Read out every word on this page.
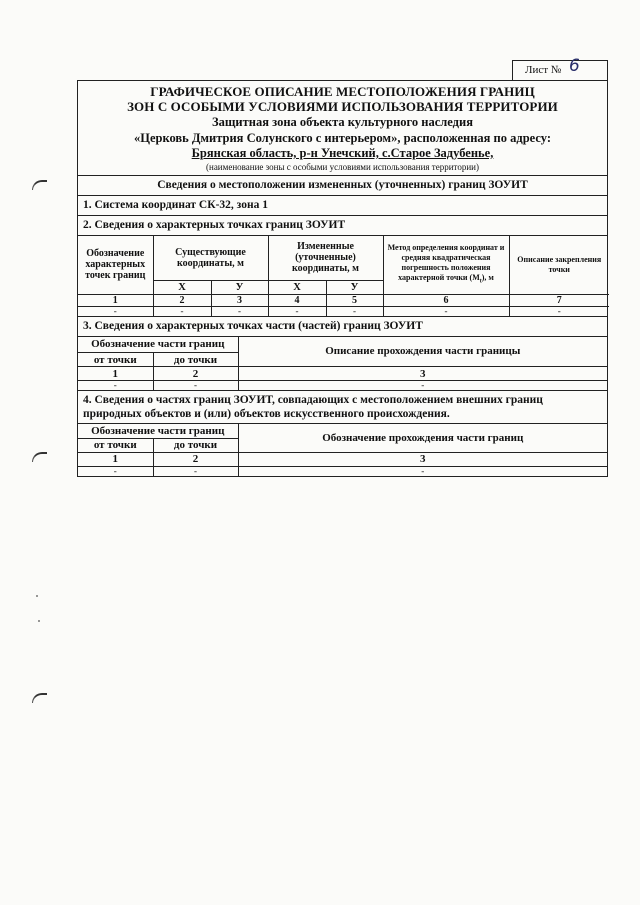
Лист № 6
ГРАФИЧЕСКОЕ ОПИСАНИЕ МЕСТОПОЛОЖЕНИЯ ГРАНИЦ
ЗОН С ОСОБЫМИ УСЛОВИЯМИ ИСПОЛЬЗОВАНИЯ ТЕРРИТОРИИ
Защитная зона объекта культурного наследия
«Церковь Дмитрия Солунского с интерьером», расположенная по адресу:
Брянская область, р-н Унечский, с.Старое Задубенье,
(наименование зоны с особыми условиями использования территории)
Сведения о местоположении измененных (уточненных) границ ЗОУИТ
1. Система координат СК-32, зона 1
2. Сведения о характерных точках границ ЗОУИТ
Обозначение характерных точек границ	Существующие координаты, м		Измененные (уточненные) координаты, м		Метод определения координат и средняя квадратическая погрешность положения характерной точки $(M_t)$, м	Описание закрепления точки
	X	У	X	У		
1	2	3	4	5	6	7
-	-	-	-	-	-	-
3. Сведения о характерных точках части (частей) границ ЗОУИТ
Обозначение части границ		Описание прохождения части границы
от точки	до точки	
1	2	3
-	-	-
4. Сведения о частях границ ЗОУИТ, совпадающих с местоположением внешних границ природных объектов и (или) объектов искусственного происхождения.
Обозначение части границ		Обозначение прохождения части границ
от точки	до точки	
1	2	3
-	-	-
